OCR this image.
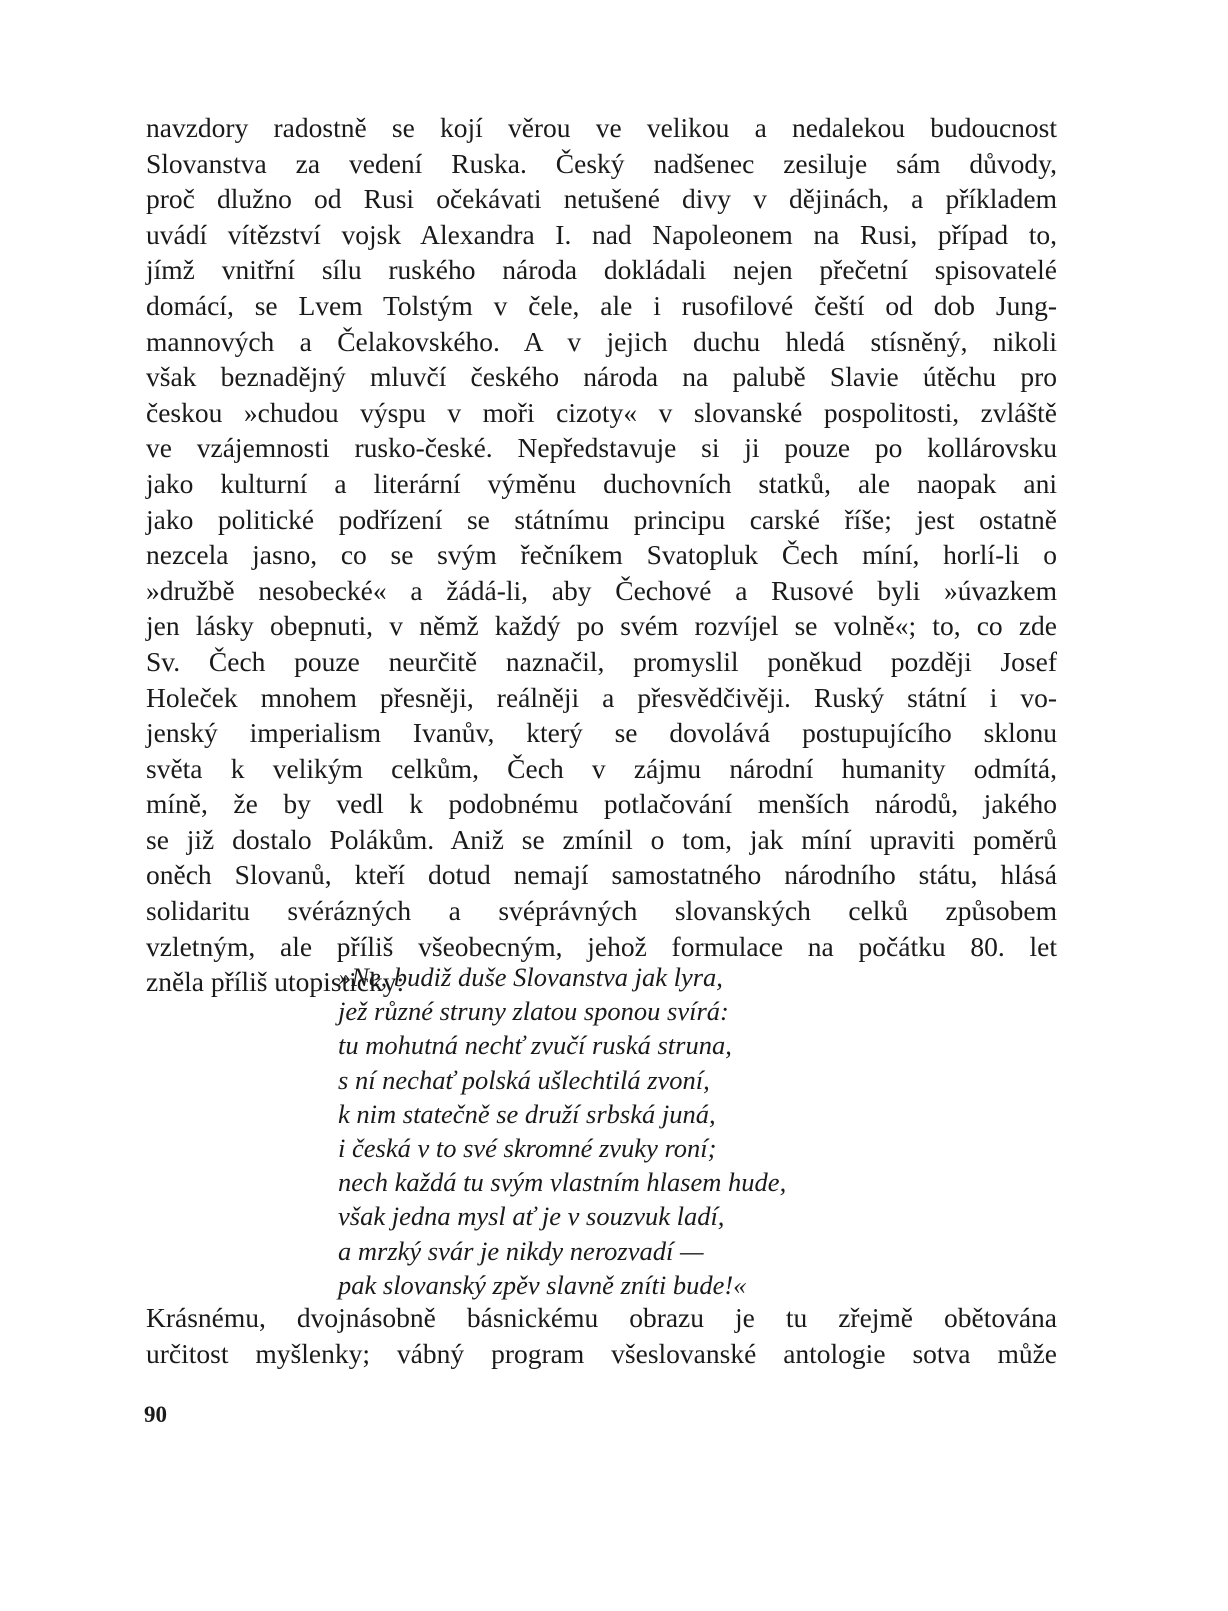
navzdory radostně se kojí věrou ve velikou a nedalekou budoucnost
Slovanstva za vedení Ruska. Český nadšenec zesiluje sám důvody,
proč dlužno od Rusi očekávati netušené divy v dějinách, a příkladem
uvádí vítězství vojsk Alexandra I. nad Napoleonem na Rusi, případ to,
jímž vnitřní sílu ruského národa dokládali nejen přečetní spisovatelé
domácí, se Lvem Tolstým v čele, ale i rusofilové čeští od dob Jung-
mannových a Čelakovského. A v jejich duchu hledá stísněný, nikoli
však beznadějný mluvčí českého národa na palubě Slavie útěchu pro
českou »chudou výspu v moři cizoty« v slovanské pospolitosti, zvláště
ve vzájemnosti rusko-české. Nepředstavuje si ji pouze po kollárovsku
jako kulturní a literární výměnu duchovních statků, ale naopak ani
jako politické podřízení se státnímu principu carské říše; jest ostatně
nezcela jasno, co se svým řečníkem Svatopluk Čech míní, horlí-li o
»družbě nesobecké« a žádá-li, aby Čechové a Rusové byli »úvazkem
jen lásky obepnuti, v němž každý po svém rozvíjel se volně«; to, co zde
Sv. Čech pouze neurčitě naznačil, promyslil poněkud později Josef
Holeček mnohem přesněji, reálněji a přesvědčivěji. Ruský státní i vo-
jenský imperialism Ivanův, který se dovolává postupujícího sklonu
světa k velikým celkům, Čech v zájmu národní humanity odmítá,
míně, že by vedl k podobnému potlačování menších národů, jakého
se již dostalo Polákům. Aniž se zmínil o tom, jak míní upraviti poměrů
oněch Slovanů, kteří dotud nemají samostatného národního státu, hlásá
solidaritu svérázných a svéprávných slovanských celků způsobem
vzletným, ale příliš všeobecným, jehož formulace na počátku 80. let
zněla příliš utopisticky:
»Ne, budiž duše Slovanstva jak lyra,
jež různé struny zlatou sponou svírá:
tu mohutná nechť zvučí ruská struna,
s ní nechať polská ušlechtilá zvoní,
k nim statečně se druží srbská juná,
i česká v to své skromné zvuky roní;
nech každá tu svým vlastním hlasem hude,
však jedna mysl ať je v souzvuk ladí,
a mrzký svár je nikdy nerozvadí —
pak slovanský zpěv slavně zníti bude!«
Krásnému, dvojnásobně básnickému obrazu je tu zřejmě obětována
určitost myšlenky; vábný program všeslovanské antologie sotva může
90
